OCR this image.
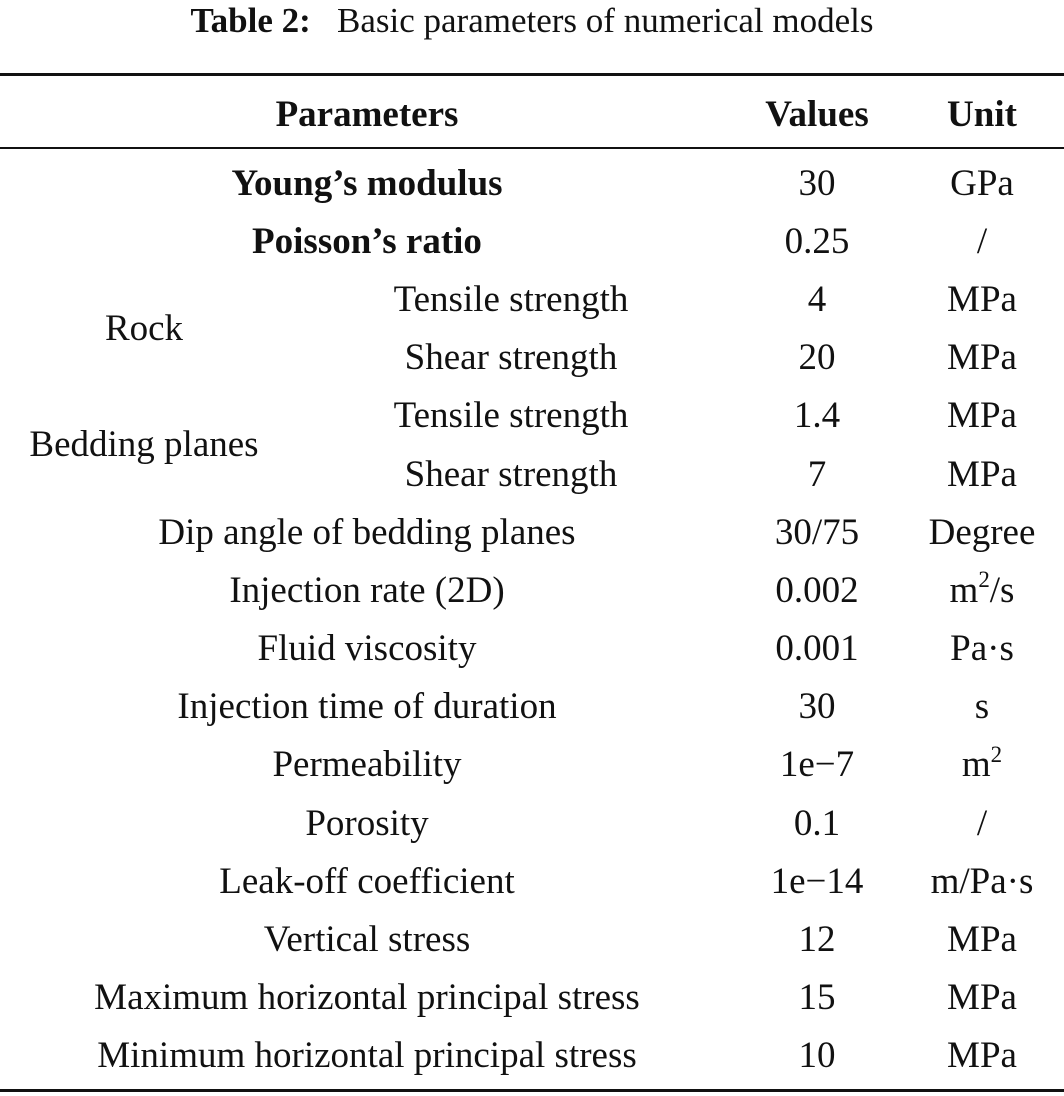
Table 2: Basic parameters of numerical models
Parameters		Values	Unit

Young’s modulus		30	GPa
Poisson’s ratio		0.25	/
Rock	Tensile strength	4	MPa
	Shear strength	20	MPa
Bedding planes	Tensile strength	1.4	MPa
	Shear strength	7	MPa
Dip angle of bedding planes		30/75	Degree
Injection rate (2D)		0.002	$m^2/s$
Fluid viscosity		0.001	Pa·s
Injection time of duration		30	s
Permeability		1e−7	$m^2$
Porosity		0.1	/
Leak-off coefficient		1e−14	m/Pa·s
Vertical stress		12	MPa
Maximum horizontal principal stress		15	MPa
Minimum horizontal principal stress		10	MPa
